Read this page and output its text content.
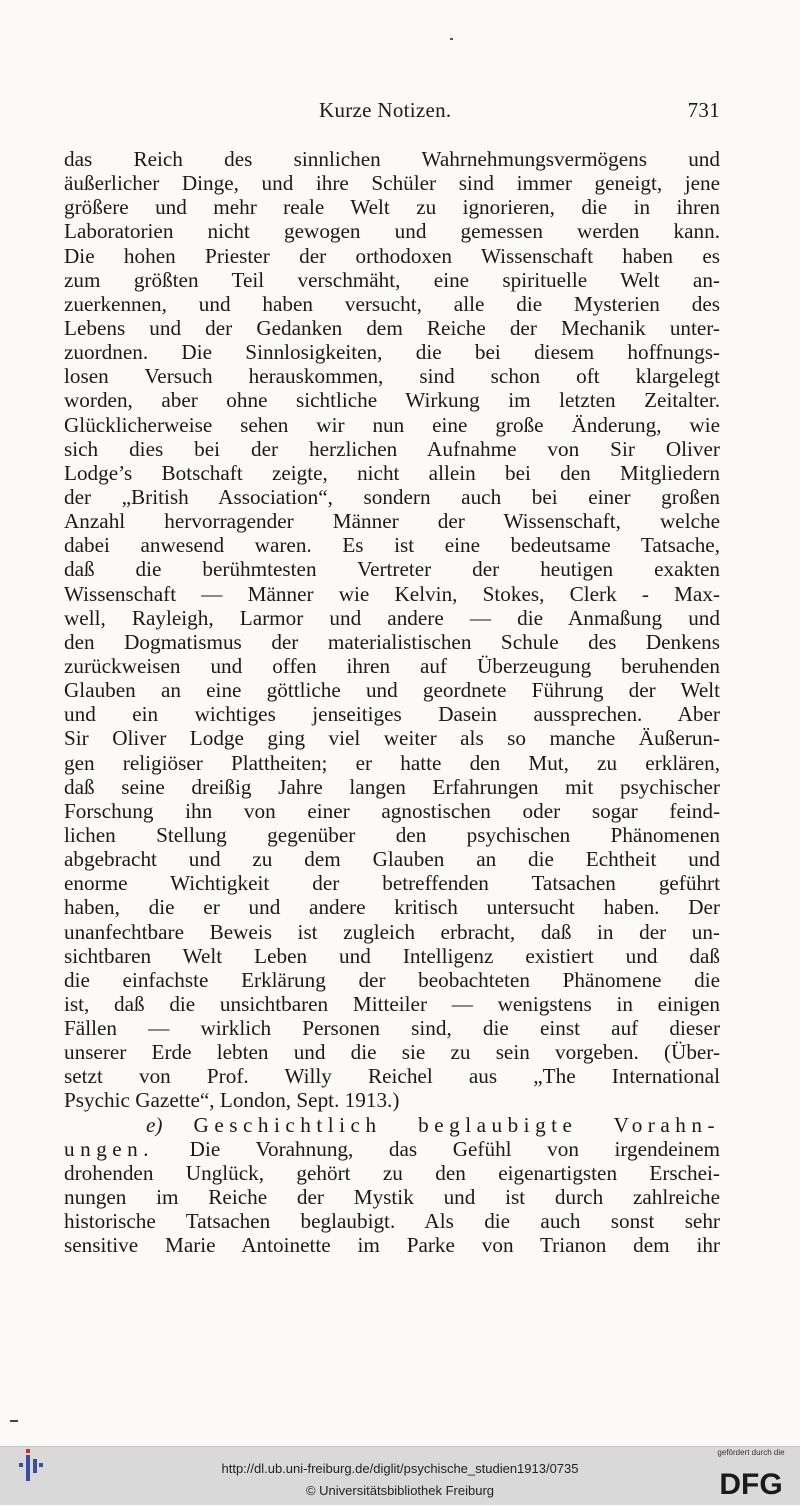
Kurze Notizen.	731
das Reich des sinnlichen Wahrnehmungsvermögens und
äußerlicher Dinge, und ihre Schüler sind immer geneigt, jene
größere und mehr reale Welt zu ignorieren, die in ihren
Laboratorien nicht gewogen und gemessen werden kann.
Die hohen Priester der orthodoxen Wissenschaft haben es
zum größten Teil verschmäht, eine spirituelle Welt an-
zuerkennen, und haben versucht, alle die Mysterien des
Lebens und der Gedanken dem Reiche der Mechanik unter-
zuordnen. Die Sinnlosigkeiten, die bei diesem hoffnungs-
losen Versuch herauskommen, sind schon oft klargelegt
worden, aber ohne sichtliche Wirkung im letzten Zeitalter.
Glücklicherweise sehen wir nun eine große Änderung, wie
sich dies bei der herzlichen Aufnahme von Sir Oliver
Lodge’s Botschaft zeigte, nicht allein bei den Mitgliedern
der „British Association“, sondern auch bei einer großen
Anzahl hervorragender Männer der Wissenschaft, welche
dabei anwesend waren. Es ist eine bedeutsame Tatsache,
daß die berühmtesten Vertreter der heutigen exakten
Wissenschaft — Männer wie Kelvin, Stokes, Clerk - Max-
well, Rayleigh, Larmor und andere — die Anmaßung und
den Dogmatismus der materialistischen Schule des Denkens
zurückweisen und offen ihren auf Überzeugung beruhenden
Glauben an eine göttliche und geordnete Führung der Welt
und ein wichtiges jenseitiges Dasein aussprechen. Aber
Sir Oliver Lodge ging viel weiter als so manche Äußerun-
gen religiöser Plattheiten; er hatte den Mut, zu erklären,
daß seine dreißig Jahre langen Erfahrungen mit psychischer
Forschung ihn von einer agnostischen oder sogar feind-
lichen Stellung gegenüber den psychischen Phänomenen
abgebracht und zu dem Glauben an die Echtheit und
enorme Wichtigkeit der betreffenden Tatsachen geführt
haben, die er und andere kritisch untersucht haben. Der
unanfechtbare Beweis ist zugleich erbracht, daß in der un-
sichtbaren Welt Leben und Intelligenz existiert und daß
die einfachste Erklärung der beobachteten Phänomene die
ist, daß die unsichtbaren Mitteiler — wenigstens in einigen
Fällen — wirklich Personen sind, die einst auf dieser
unserer Erde lebten und die sie zu sein vorgeben. (Über-
setzt von Prof. Willy Reichel aus „The International
Psychic Gazette“, London, Sept. 1913.)
e) Geschichtlich beglaubigte Vorahn-
ungen. Die Vorahnung, das Gefühl von irgendeinem
drohenden Unglück, gehört zu den eigenartigsten Erschei-
nungen im Reiche der Mystik und ist durch zahlreiche
historische Tatsachen beglaubigt. Als die auch sonst sehr
sensitive Marie Antoinette im Parke von Trianon dem ihr
http://dl.ub.uni-freiburg.de/diglit/psychische_studien1913/0735
© Universitätsbibliothek Freiburg
gefördert durch die
DFG
